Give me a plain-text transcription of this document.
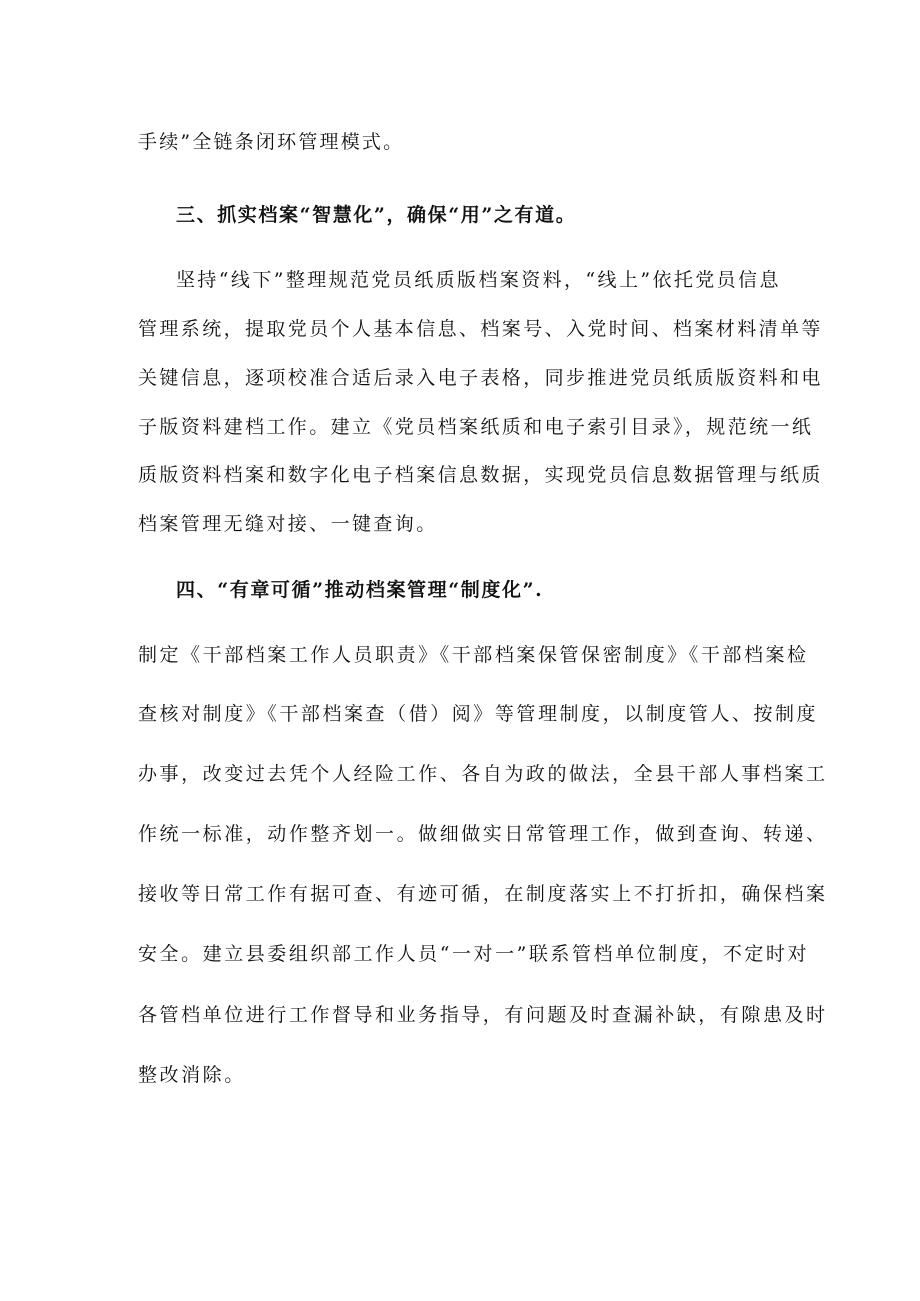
手续”全链条闭环管理模式。
三、抓实档案“智慧化”，确保“用”之有道。
坚持“线下”整理规范党员纸质版档案资料，“线上”依托党员信息
管理系统，提取党员个人基本信息、档案号、入党时间、档案材料清单等
关键信息，逐项校准合适后录入电子表格，同步推进党员纸质版资料和电
子版资料建档工作。建立《党员档案纸质和电子索引目录》，规范统一纸
质版资料档案和数字化电子档案信息数据，实现党员信息数据管理与纸质
档案管理无缝对接、一键查询。
四、“有章可循”推动档案管理“制度化”.
制定《干部档案工作人员职责》《干部档案保管保密制度》《干部档案检
查核对制度》《干部档案查（借）阅》等管理制度，以制度管人、按制度
办事，改变过去凭个人经险工作、各自为政的做法，全县干部人事档案工
作统一标准，动作整齐划一。做细做实日常管理工作，做到查询、转递、
接收等日常工作有据可查、有迹可循，在制度落实上不打折扣，确保档案
安全。建立县委组织部工作人员“一对一”联系管档单位制度，不定时对
各管档单位进行工作督导和业务指导，有问题及时查漏补缺，有隙患及时
整改消除。
